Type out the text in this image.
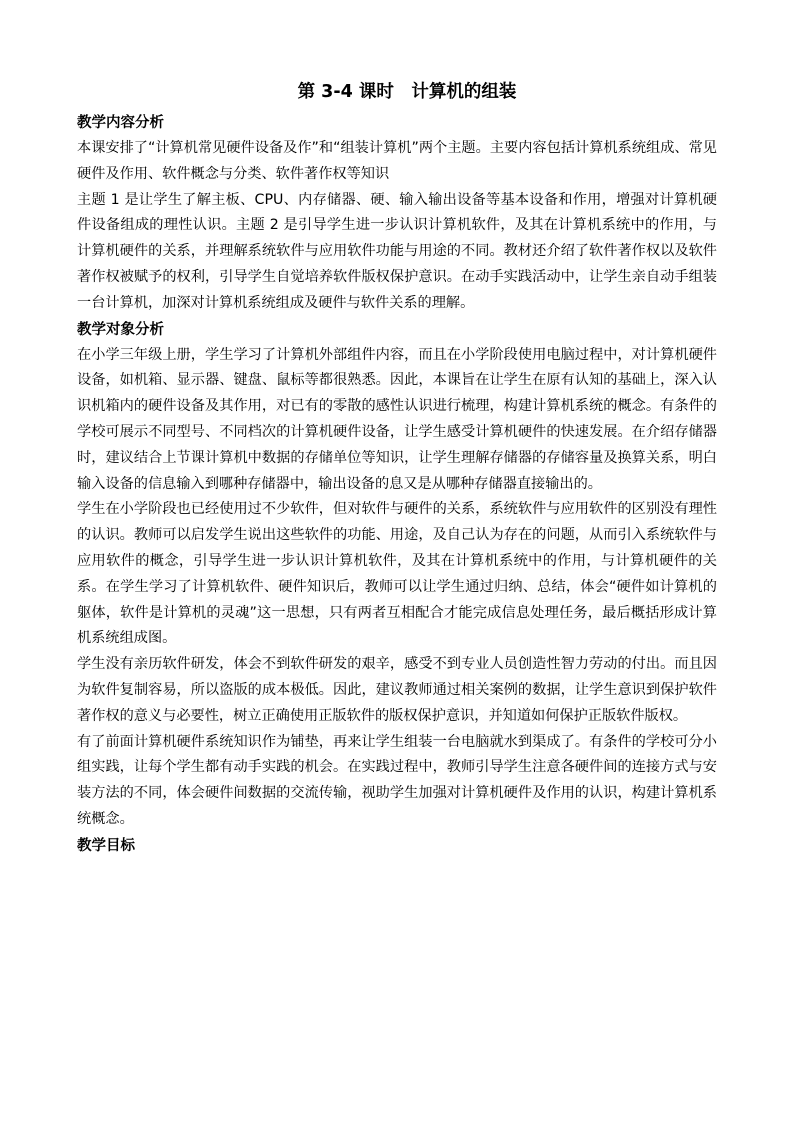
第 3-4 课时　计算机的组装
教学内容分析

本课安排了“计算机常见硬件设备及作”和“组装计算机”两个主题。主要内容包括计算机系统组成、常见硬件及作用、软件概念与分类、软件著作权等知识

主题 1 是让学生了解主板、CPU、内存储器、硬、输入输出设备等基本设备和作用，增强对计算机硬件设备组成的理性认识。主题 2 是引导学生进一步认识计算机软件，及其在计算机系统中的作用，与计算机硬件的关系，并理解系统软件与应用软件功能与用途的不同。教材还介绍了软件著作权以及软件著作权被赋予的权利，引导学生自觉培养软件版权保护意识。在动手实践活动中，让学生亲自动手组装一台计算机，加深对计算机系统组成及硬件与软件关系的理解。

教学对象分析

在小学三年级上册，学生学习了计算机外部组件内容，而且在小学阶段使用电脑过程中，对计算机硬件设备，如机箱、显示器、键盘、鼠标等都很熟悉。因此，本课旨在让学生在原有认知的基础上，深入认识机箱内的硬件设备及其作用，对已有的零散的感性认识进行梳理，构建计算机系统的概念。有条件的学校可展示不同型号、不同档次的计算机硬件设备，让学生感受计算机硬件的快速发展。在介绍存储器时，建议结合上节课计算机中数据的存储单位等知识，让学生理解存储器的存储容量及换算关系，明白输入设备的信息输入到哪种存储器中，输出设备的息又是从哪种存储器直接输出的。

学生在小学阶段也已经使用过不少软件，但对软件与硬件的关系，系统软件与应用软件的区别没有理性的认识。教师可以启发学生说出这些软件的功能、用途，及自己认为存在的问题，从而引入系统软件与应用软件的概念，引导学生进一步认识计算机软件，及其在计算机系统中的作用，与计算机硬件的关系。在学生学习了计算机软件、硬件知识后，教师可以让学生通过归纳、总结，体会“硬件如计算机的躯体，软件是计算机的灵魂”这一思想，只有两者互相配合才能完成信息处理任务，最后概括形成计算机系统组成图。

学生没有亲历软件研发，体会不到软件研发的艰辛，感受不到专业人员创造性智力劳动的付出。而且因为软件复制容易，所以盗版的成本极低。因此，建议教师通过相关案例的数据，让学生意识到保护软件著作权的意义与必要性，树立正确使用正版软件的版权保护意识，并知道如何保护正版软件版权。

有了前面计算机硬件系统知识作为铺垫，再来让学生组装一台电脑就水到渠成了。有条件的学校可分小组实践，让每个学生都有动手实践的机会。在实践过程中，教师引导学生注意各硬件间的连接方式与安装方法的不同，体会硬件间数据的交流传输，视助学生加强对计算机硬件及作用的认识，构建计算机系统概念。

教学目标
